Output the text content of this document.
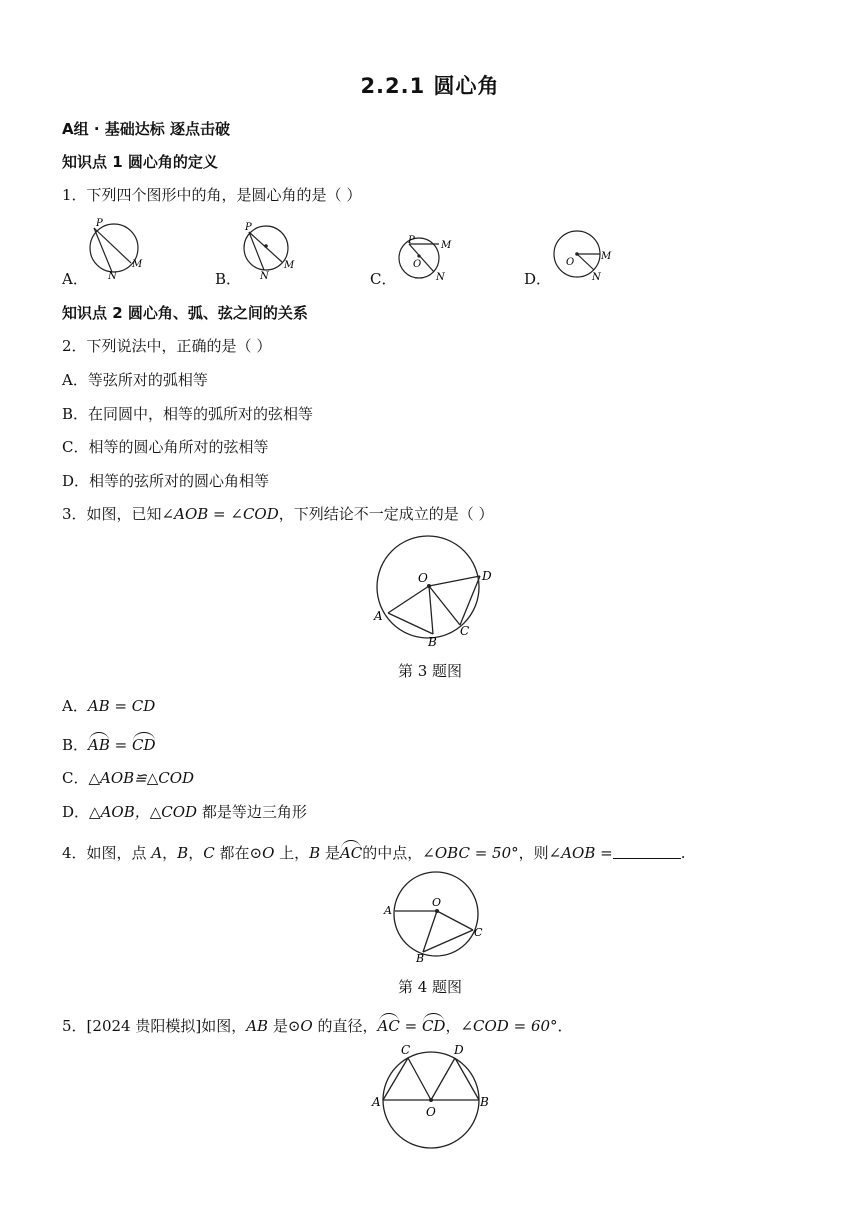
2.2.1 圆心角
A组 · 基础达标 逐点击破
知识点 1 圆心角的定义
1．下列四个图形中的角，是圆心角的是（ ）
A．
P
M
N	B．
P
M
N	C．
P	M
O
N	D．
O
M
N
知识点 2 圆心角、弧、弦之间的关系
2．下列说法中，正确的是（ ）
A．等弦所对的弧相等
B．在同圆中，相等的弧所对的弦相等
C．相等的圆心角所对的弦相等
D．相等的弦所对的圆心角相等
3．如图，已知∠AOB = ∠COD，下列结论不一定成立的是（ ）
O	D
A
B
C
第 3 题图
A．AB = CD
B．AB = CD
C．△AOB≌△COD
D．△AOB，△COD 都是等边三角形
4．如图，点 A，B，C 都在⊙O 上，B 是AC的中点，∠OBC = 50°，则∠AOB =	.
O
A
C
B
第 4 题图
5．[2024 贵阳模拟]如图，AB 是⊙O 的直径，AC = CD，∠COD = 60°．
C	D
A	B
O
